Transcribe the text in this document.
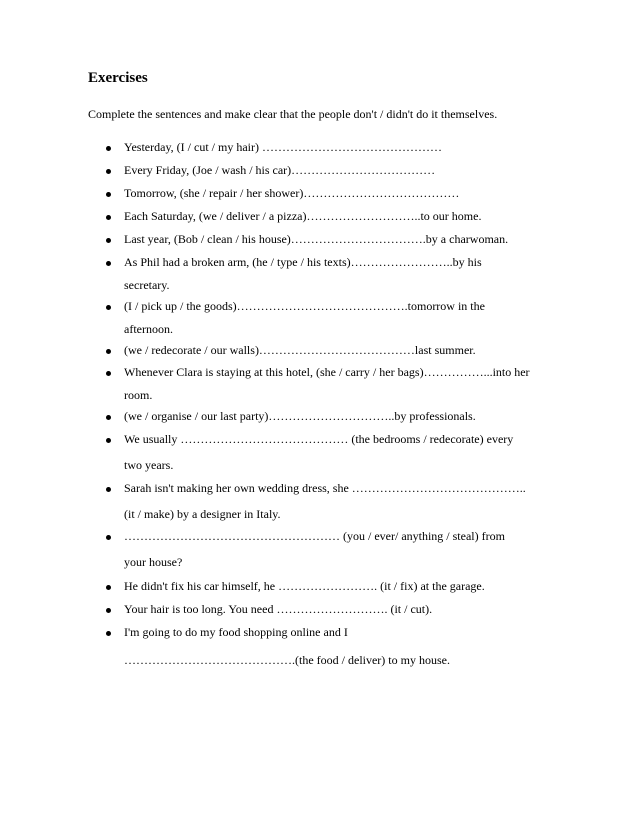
Exercises
Complete the sentences and make clear that the people don't / didn't do it themselves.
Yesterday, (I / cut / my hair) ………………………………………
Every Friday, (Joe / wash / his car)………………………………
Tomorrow, (she / repair / her shower)…………………………………
Each Saturday, (we / deliver / a pizza)………………………..to our home.
Last year, (Bob / clean / his house)…………………………….by a charwoman.
As Phil had a broken arm, (he / type / his texts)……………………..by his
secretary.
(I / pick up / the goods)…………………………………….tomorrow in the
afternoon.
(we / redecorate / our walls)…………………………………last summer.
Whenever Clara is staying at this hotel, (she / carry / her bags)……………...into her
room.
(we / organise / our last party)…………………………..by professionals.
We usually …………………………………… (the bedrooms / redecorate) every
two years.
Sarah isn't making her own wedding dress, she ……………………………………..
(it / make) by a designer in Italy.
……………………………………………… (you / ever/ anything / steal) from
your house?
He didn't fix his car himself, he ……………………. (it / fix) at the garage.
Your hair is too long. You need ………………………. (it / cut).
I'm going to do my food shopping online and I
…………………………………….(the food / deliver) to my house.
